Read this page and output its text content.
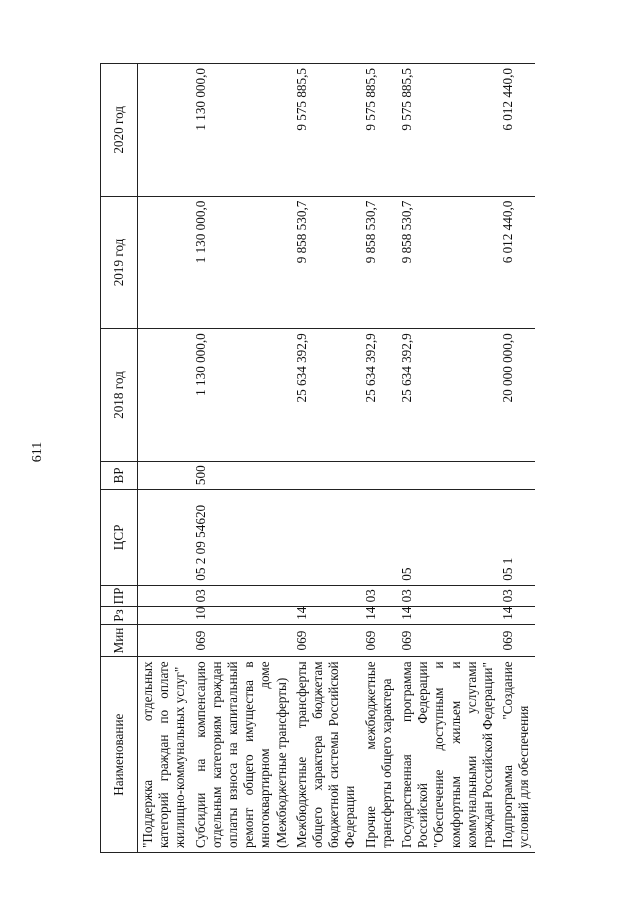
611
Наименование	Мин	Рз	ПР	ЦСР	ВР	2018 год	2019 год	2020 год
"Поддержка отдельных категорий граждан по оплате жилищно-коммунальных услуг"								
Субсидии на компенсацию отдельным категориям граждан оплаты взноса на капитальный ремонт общего имущества в многоквартирном доме (Межбюджетные трансферты)	069	10	03	05 2 09 54620	500	1 130 000,0	1 130 000,0	1 130 000,0
Межбюджетные трансферты общего характера бюджетам бюджетной системы Российской Федерации	069	14				25 634 392,9	9 858 530,7	9 575 885,5
Прочие межбюджетные трансферты общего характера	069	14	03			25 634 392,9	9 858 530,7	9 575 885,5
Государственная программа Российской Федерации "Обеспечение доступным и комфортным жильем и коммунальными услугами граждан Российской Федерации"	069	14	03	05		25 634 392,9	9 858 530,7	9 575 885,5
Подпрограмма "Создание условий для обеспечения	069	14	03	05 1		20 000 000,0	6 012 440,0	6 012 440,0
